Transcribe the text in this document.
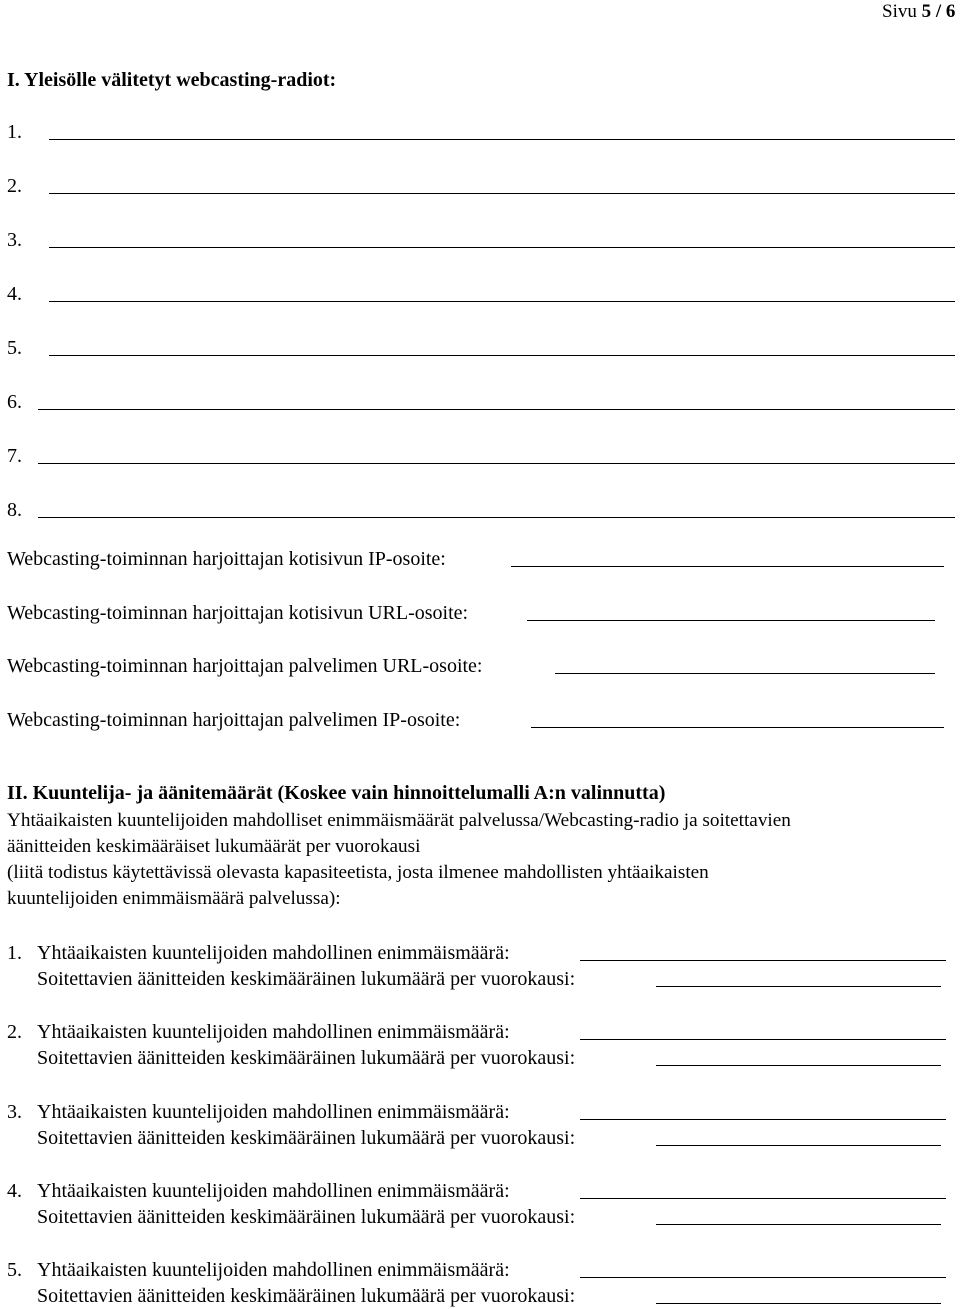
Sivu 5 / 6
I. Yleisölle välitetyt webcasting-radiot:
1.
2.
3.
4.
5.
6.
7.
8.
Webcasting-toiminnan harjoittajan kotisivun IP-osoite:
Webcasting-toiminnan harjoittajan kotisivun URL-osoite:
Webcasting-toiminnan harjoittajan palvelimen URL-osoite:
Webcasting-toiminnan harjoittajan palvelimen IP-osoite:
II. Kuuntelija- ja äänitemäärät (Koskee vain hinnoittelumalli A:n valinnutta)
Yhtäaikaisten kuuntelijoiden mahdolliset enimmäismäärät palvelussa/Webcasting-radio ja soitettavien
äänitteiden keskimääräiset lukumäärät per vuorokausi
(liitä todistus käytettävissä olevasta kapasiteetista, josta ilmenee mahdollisten yhtäaikaisten
kuuntelijoiden enimmäismäärä palvelussa):
1. Yhtäaikaisten kuuntelijoiden mahdollinen enimmäismäärä:
Soitettavien äänitteiden keskimääräinen lukumäärä per vuorokausi:
2. Yhtäaikaisten kuuntelijoiden mahdollinen enimmäismäärä:
Soitettavien äänitteiden keskimääräinen lukumäärä per vuorokausi:
3. Yhtäaikaisten kuuntelijoiden mahdollinen enimmäismäärä:
Soitettavien äänitteiden keskimääräinen lukumäärä per vuorokausi:
4. Yhtäaikaisten kuuntelijoiden mahdollinen enimmäismäärä:
Soitettavien äänitteiden keskimääräinen lukumäärä per vuorokausi:
5. Yhtäaikaisten kuuntelijoiden mahdollinen enimmäismäärä:
Soitettavien äänitteiden keskimääräinen lukumäärä per vuorokausi:
